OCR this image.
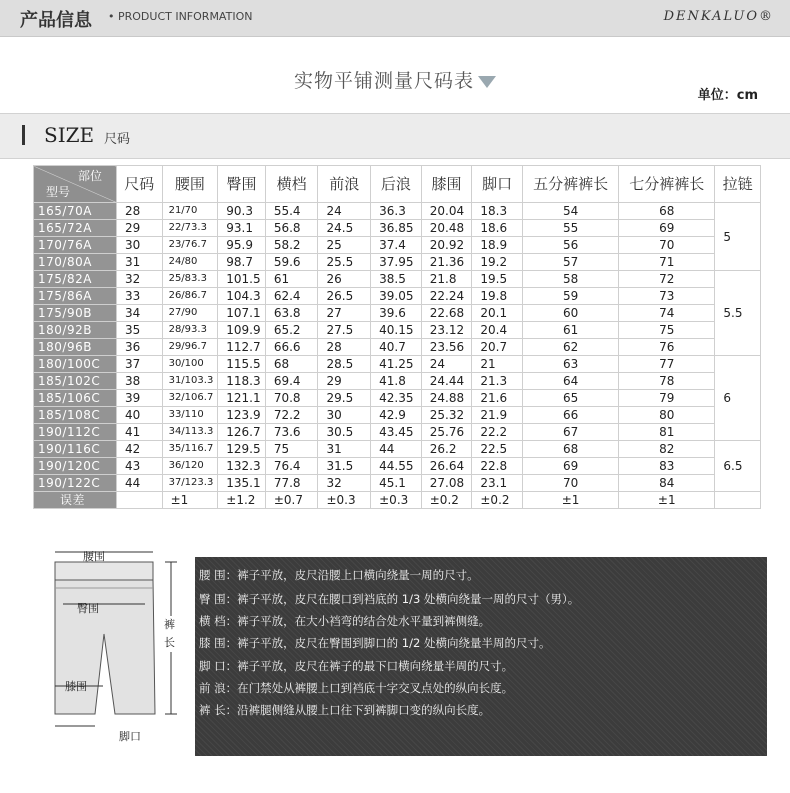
产品信息 • PRODUCT INFORMATION	DENKALUO®
实物平铺测量尺码表
单位：cm
SIZE 尺码
部位
型号	尺码	腰围	臀围	横档	前浪	后浪	膝围	脚口	五分裤裤长	七分裤裤长	拉链
165/70A	28	21/70	90.3	55.4	24	36.3	20.04	18.3	54	68	5
165/72A	29	22/73.3	93.1	56.8	24.5	36.85	20.48	18.6	55	69	
170/76A	30	23/76.7	95.9	58.2	25	37.4	20.92	18.9	56	70	
170/80A	31	24/80	98.7	59.6	25.5	37.95	21.36	19.2	57	71	
175/82A	32	25/83.3	101.5	61	26	38.5	21.8	19.5	58	72	5.5
175/86A	33	26/86.7	104.3	62.4	26.5	39.05	22.24	19.8	59	73	
175/90B	34	27/90	107.1	63.8	27	39.6	22.68	20.1	60	74	
180/92B	35	28/93.3	109.9	65.2	27.5	40.15	23.12	20.4	61	75	
180/96B	36	29/96.7	112.7	66.6	28	40.7	23.56	20.7	62	76	
180/100C	37	30/100	115.5	68	28.5	41.25	24	21	63	77	6
185/102C	38	31/103.3	118.3	69.4	29	41.8	24.44	21.3	64	78	
185/106C	39	32/106.7	121.1	70.8	29.5	42.35	24.88	21.6	65	79	
185/108C	40	33/110	123.9	72.2	30	42.9	25.32	21.9	66	80	
190/112C	41	34/113.3	126.7	73.6	30.5	43.45	25.76	22.2	67	81	
190/116C	42	35/116.7	129.5	75	31	44	26.2	22.5	68	82	6.5
190/120C	43	36/120	132.3	76.4	31.5	44.55	26.64	22.8	69	83	
190/122C	44	37/123.3	135.1	77.8	32	45.1	27.08	23.1	70	84	
误差		±1	±1.2	±0.7	±0.3	±0.3	±0.2	±0.2	±1	±1	
腰围
臀围
裤长
膝围
脚口
腰 围：裤子平放，皮尺沿腰上口横向绕量一周的尺寸。
臀 围：裤子平放，皮尺在腰口到裆底的 1/3 处横向绕量一周的尺寸（男）。
横 档：裤子平放，在大小裆弯的结合处水平量到裤侧缝。
膝 围：裤子平放，皮尺在臀围到脚口的 1/2 处横向绕量半周的尺寸。
脚 口：裤子平放，皮尺在裤子的最下口横向绕量半周的尺寸。
前 浪：在门禁处从裤腰上口到裆底十字交叉点处的纵向长度。
裤 长：沿裤腿侧缝从腰上口往下到裤脚口变的纵向长度。
